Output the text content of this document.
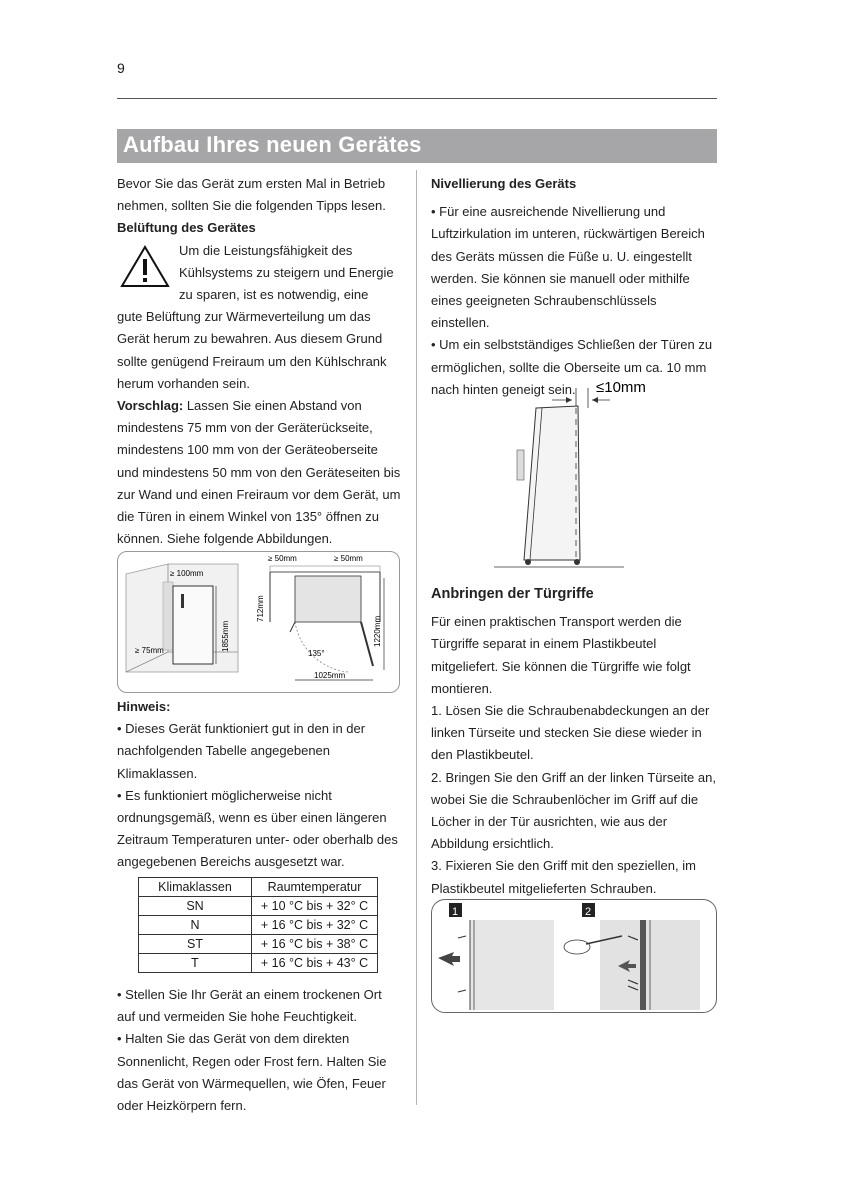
9
Aufbau Ihres neuen Gerätes

Bevor Sie das Gerät zum ersten Mal in Betrieb nehmen, sollten Sie die folgenden Tipps lesen.

Belüftung des Gerätes

Um die Leistungsfähigkeit des

Kühlsystems zu steigern und Energie

zu sparen, ist es notwendig, eine

gute Belüftung zur Wärmeverteilung um das Gerät herum zu bewahren. Aus diesem Grund sollte genügend Freiraum um den Kühlschrank herum vorhanden sein.

Vorschlag: Lassen Sie einen Abstand von mindestens 75 mm von der Geräterückseite, mindestens 100 mm von der Geräteoberseite und mindestens 50 mm von den Geräteseiten bis zur Wand und einen Freiraum vor dem Gerät, um die Türen in einem Winkel von 135° öffnen zu können. Siehe folgende Abbildungen.

≥ 100mm
≥ 75mm	1855mm
≥ 50mm	≥ 50mm
712mm
135°
1025mm
1220mm

Hinweis:

• Dieses Gerät funktioniert gut in den in der nachfolgenden Tabelle angegebenen Klimaklassen.

• Es funktioniert möglicherweise nicht ordnungsgemäß, wenn es über einen längeren Zeitraum Temperaturen unter- oder oberhalb des angegebenen Bereichs ausgesetzt war.

Klimaklassen	Raumtemperatur
SN	+ 10 °C bis + 32° C
N	+ 16 °C bis + 32° C
ST	+ 16 °C bis + 38° C
T	+ 16 °C bis + 43° C

• Stellen Sie Ihr Gerät an einem trockenen Ort auf und vermeiden Sie hohe Feuchtigkeit.

• Halten Sie das Gerät von dem direkten Sonnenlicht, Regen oder Frost fern. Halten Sie das Gerät von Wärmequellen, wie Öfen, Feuer oder Heizkörpern fern.

Nivellierung des Geräts

• Für eine ausreichende Nivellierung und Luftzirkulation im unteren, rückwärtigen Bereich des Geräts müssen die Füße u. U. eingestellt werden. Sie können sie manuell oder mithilfe eines geeigneten Schraubenschlüssels einstellen.

• Um ein selbstständiges Schließen der Türen zu ermöglichen, sollte die Oberseite um ca. 10 mm nach hinten geneigt sein.	≤10mm

Anbringen der Türgriffe

Für einen praktischen Transport werden die Türgriffe separat in einem Plastikbeutel mitgeliefert. Sie können die Türgriffe wie folgt montieren.

1. Lösen Sie die Schraubenabdeckungen an der linken Türseite und stecken Sie diese wieder in den Plastikbeutel.

2. Bringen Sie den Griff an der linken Türseite an, wobei Sie die Schraubenlöcher im Griff auf die Löcher in der Tür ausrichten, wie aus der Abbildung ersichtlich.

3. Fixieren Sie den Griff mit den speziellen, im Plastikbeutel mitgelieferten Schrauben.

1	2
